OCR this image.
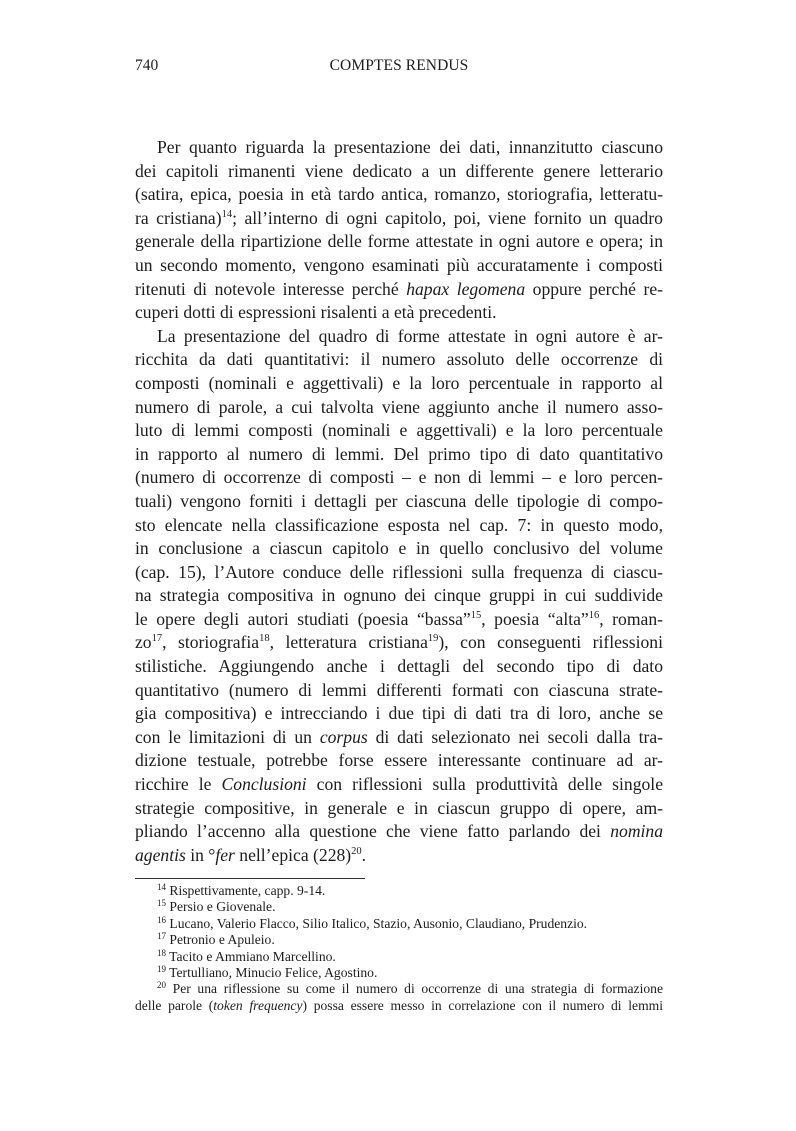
740	COMPTES RENDUS
Per quanto riguarda la presentazione dei dati, innanzitutto ciascuno
dei capitoli rimanenti viene dedicato a un differente genere letterario
(satira, epica, poesia in età tardo antica, romanzo, storiografia, letteratu-
ra cristiana)$^{14}$; all’interno di ogni capitolo, poi, viene fornito un quadro
generale della ripartizione delle forme attestate in ogni autore e opera; in
un secondo momento, vengono esaminati più accuratamente i composti
ritenuti di notevole interesse perché hapax legomena oppure perché re-
cuperi dotti di espressioni risalenti a età precedenti.
La presentazione del quadro di forme attestate in ogni autore è ar-
ricchita da dati quantitativi: il numero assoluto delle occorrenze di
composti (nominali e aggettivali) e la loro percentuale in rapporto al
numero di parole, a cui talvolta viene aggiunto anche il numero asso-
luto di lemmi composti (nominali e aggettivali) e la loro percentuale
in rapporto al numero di lemmi. Del primo tipo di dato quantitativo
(numero di occorrenze di composti – e non di lemmi – e loro percen-
tuali) vengono forniti i dettagli per ciascuna delle tipologie di compo-
sto elencate nella classificazione esposta nel cap. 7: in questo modo,
in conclusione a ciascun capitolo e in quello conclusivo del volume
(cap. 15), l’Autore conduce delle riflessioni sulla frequenza di ciascu-
na strategia compositiva in ognuno dei cinque gruppi in cui suddivide
le opere degli autori studiati (poesia “bassa”$^{15}$, poesia “alta”$^{16}$, roman-
$zo^{17}$, storiografia$^{18}$, letteratura cristiana$^{19}$), con conseguenti riflessioni
stilistiche. Aggiungendo anche i dettagli del secondo tipo di dato
quantitativo (numero di lemmi differenti formati con ciascuna strate-
gia compositiva) e intrecciando i due tipi di dati tra di loro, anche se
con le limitazioni di un corpus di dati selezionato nei secoli dalla tra-
dizione testuale, potrebbe forse essere interessante continuare ad ar-
ricchire le Conclusioni con riflessioni sulla produttività delle singole
strategie compositive, in generale e in ciascun gruppo di opere, am-
pliando l’accenno alla questione che viene fatto parlando dei nomina
agentis in °fer nell’epica $(228)^{20}$.
$^{14}$ Rispettivamente, capp. 9-14.
$^{15}$ Persio e Giovenale.
$^{16}$ Lucano, Valerio Flacco, Silio Italico, Stazio, Ausonio, Claudiano, Prudenzio.
$^{17}$ Petronio e Apuleio.
$^{18}$ Tacito e Ammiano Marcellino.
$^{19}$ Tertulliano, Minucio Felice, Agostino.
$^{20}$ Per una riflessione su come il numero di occorrenze di una strategia di formazione
delle parole (token frequency) possa essere messo in correlazione con il numero di lemmi
